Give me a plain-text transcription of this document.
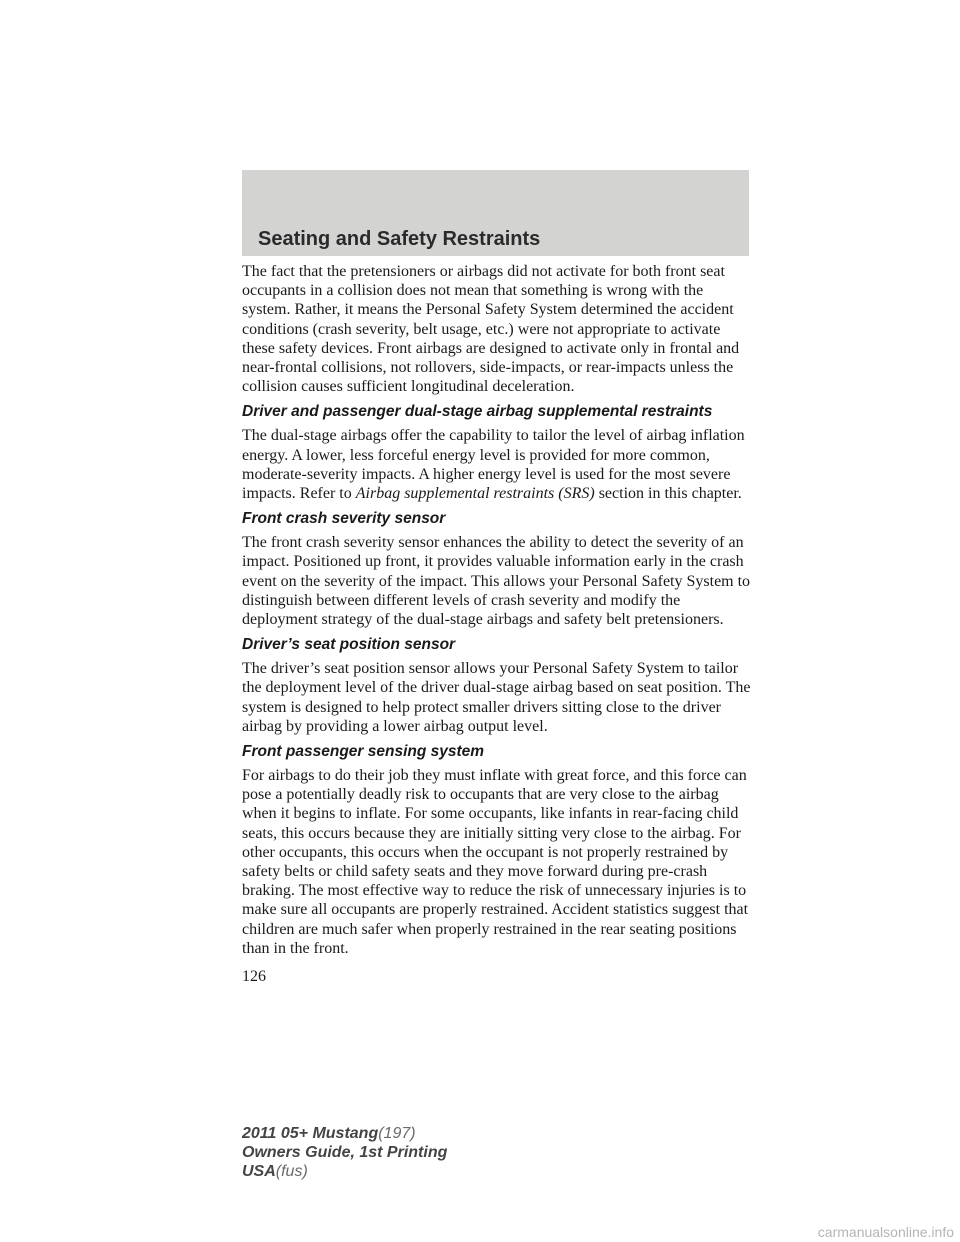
Seating and Safety Restraints

The fact that the pretensioners or airbags did not activate for both front seat occupants in a collision does not mean that something is wrong with the system. Rather, it means the Personal Safety System determined the accident conditions (crash severity, belt usage, etc.) were not appropriate to activate these safety devices. Front airbags are designed to activate only in frontal and near-frontal collisions, not rollovers, side-impacts, or rear-impacts unless the collision causes sufficient longitudinal deceleration.

Driver and passenger dual-stage airbag supplemental restraints

The dual-stage airbags offer the capability to tailor the level of airbag inflation energy. A lower, less forceful energy level is provided for more common, moderate-severity impacts. A higher energy level is used for the most severe impacts. Refer to Airbag supplemental restraints (SRS) section in this chapter.

Front crash severity sensor

The front crash severity sensor enhances the ability to detect the severity of an impact. Positioned up front, it provides valuable information early in the crash event on the severity of the impact. This allows your Personal Safety System to distinguish between different levels of crash severity and modify the deployment strategy of the dual-stage airbags and safety belt pretensioners.

Driver’s seat position sensor

The driver’s seat position sensor allows your Personal Safety System to tailor the deployment level of the driver dual-stage airbag based on seat position. The system is designed to help protect smaller drivers sitting close to the driver airbag by providing a lower airbag output level.

Front passenger sensing system

For airbags to do their job they must inflate with great force, and this force can pose a potentially deadly risk to occupants that are very close to the airbag when it begins to inflate. For some occupants, like infants in rear-facing child seats, this occurs because they are initially sitting very close to the airbag. For other occupants, this occurs when the occupant is not properly restrained by safety belts or child safety seats and they move forward during pre-crash braking. The most effective way to reduce the risk of unnecessary injuries is to make sure all occupants are properly restrained. Accident statistics suggest that children are much safer when properly restrained in the rear seating positions than in the front.

126
2011 05+ Mustang(197)
Owners Guide, 1st Printing
USA(fus)
carmanualsonline.info
